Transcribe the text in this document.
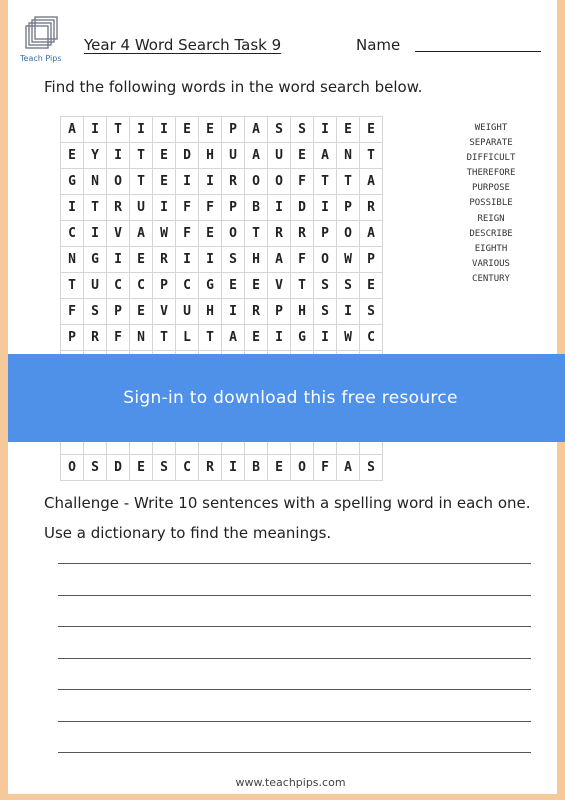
Teach Pips
Year 4 Word Search Task 9	Name
Find the following words in the word search below.
A	I	T	I	I	E	E	P	A	S	S	I	E	E
E	Y	I	T	E	D	H	U	A	U	E	A	N	T
G	N	O	T	E	I	I	R	O	O	F	T	T	A
I	T	R	U	I	F	F	P	B	I	D	I	P	R
C	I	V	A	W	F	E	O	T	R	R	P	O	A
N	G	I	E	R	I	I	S	H	A	F	O	W	P
T	U	C	C	P	C	G	E	E	V	T	S	S	E
F	S	P	E	V	U	H	I	R	P	H	S	I	S
P	R	F	N	T	L	T	A	E	I	G	I	W	C

O	S	D	E	S	C	R	I	B	E	O	F	A	S
WEIGHT
SEPARATE
DIFFICULT
THEREFORE
PURPOSE
POSSIBLE
REIGN
DESCRIBE
EIGHTH
VARIOUS
CENTURY
Sign-in to download this free resource
Challenge - Write 10 sentences with a spelling word in each one. Use a dictionary to find the meanings.
www.teachpips.com
